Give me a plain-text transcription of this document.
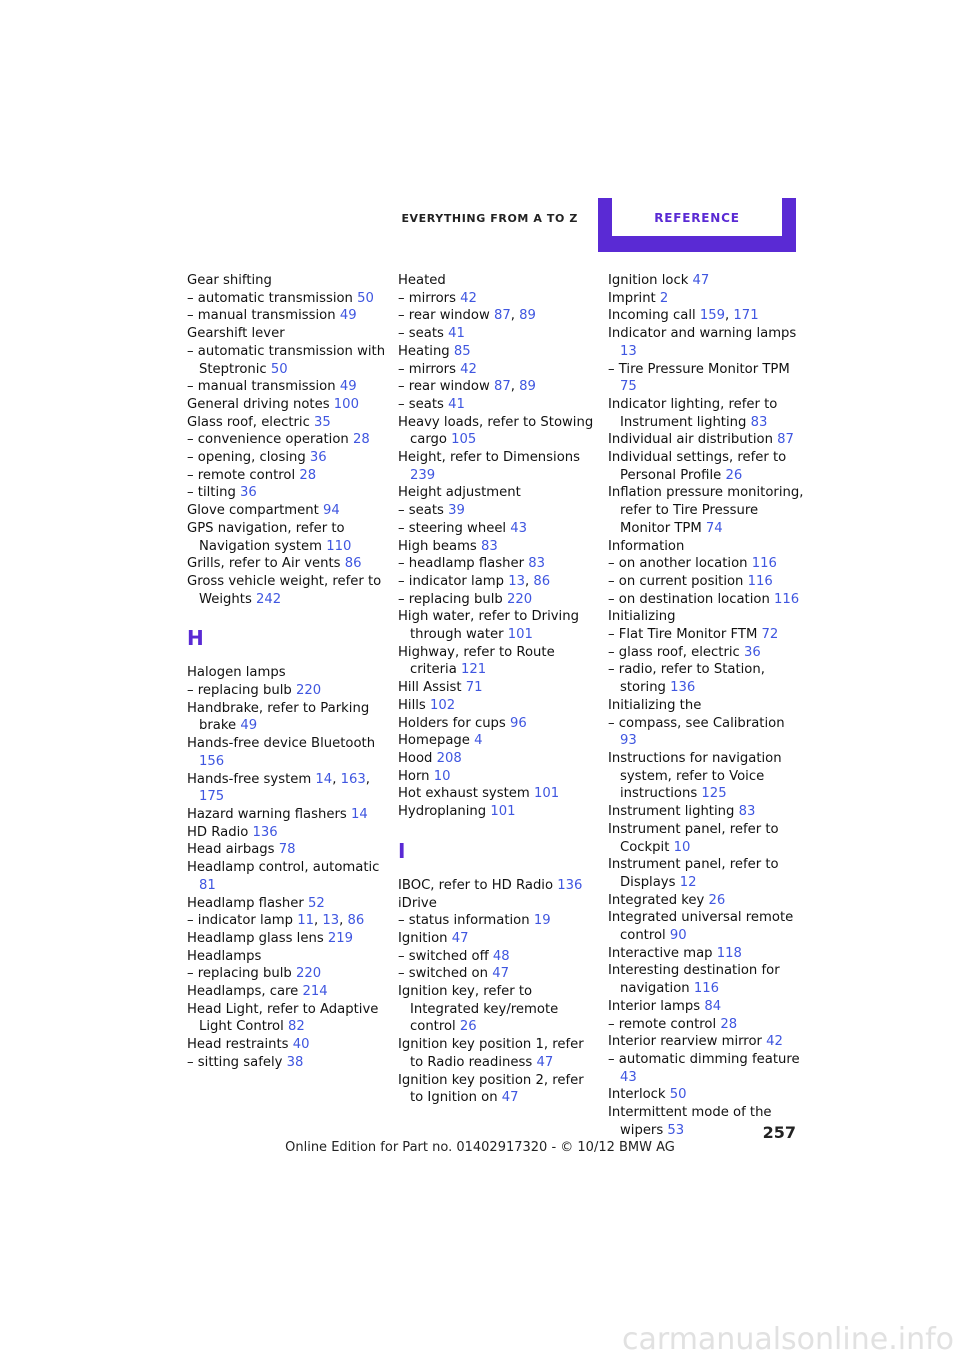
EVERYTHING FROM A TO Z	REFERENCE
Gear shifting
– automatic transmission 50
– manual transmission 49
Gearshift lever
– automatic transmission with Steptronic 50
– manual transmission 49
General driving notes 100
Glass roof, electric 35
– convenience operation 28
– opening, closing 36
– remote control 28
– tilting 36
Glove compartment 94
GPS navigation, refer to Navigation system 110
Grills, refer to Air vents 86
Gross vehicle weight, refer to Weights 242
H
Halogen lamps
– replacing bulb 220
Handbrake, refer to Parking brake 49
Hands-free device Bluetooth 156
Hands-free system 14, 163, 175
Hazard warning flashers 14
HD Radio 136
Head airbags 78
Headlamp control, automatic 81
Headlamp flasher 52
– indicator lamp 11, 13, 86
Headlamp glass lens 219
Headlamps
– replacing bulb 220
Headlamps, care 214
Head Light, refer to Adaptive Light Control 82
Head restraints 40
– sitting safely 38
Heated
– mirrors 42
– rear window 87, 89
– seats 41
Heating 85
– mirrors 42
– rear window 87, 89
– seats 41
Heavy loads, refer to Stowing cargo 105
Height, refer to Dimensions 239
Height adjustment
– seats 39
– steering wheel 43
High beams 83
– headlamp flasher 83
– indicator lamp 13, 86
– replacing bulb 220
High water, refer to Driving through water 101
Highway, refer to Route criteria 121
Hill Assist 71
Hills 102
Holders for cups 96
Homepage 4
Hood 208
Horn 10
Hot exhaust system 101
Hydroplaning 101
I
IBOC, refer to HD Radio 136
iDrive
– status information 19
Ignition 47
– switched off 48
– switched on 47
Ignition key, refer to Integrated key/remote control 26
Ignition key position 1, refer to Radio readiness 47
Ignition key position 2, refer to Ignition on 47
Ignition lock 47
Imprint 2
Incoming call 159, 171
Indicator and warning lamps 13
– Tire Pressure Monitor TPM 75
Indicator lighting, refer to Instrument lighting 83
Individual air distribution 87
Individual settings, refer to Personal Profile 26
Inflation pressure monitoring, refer to Tire Pressure Monitor TPM 74
Information
– on another location 116
– on current position 116
– on destination location 116
Initializing
– Flat Tire Monitor FTM 72
– glass roof, electric 36
– radio, refer to Station, storing 136
Initializing the
– compass, see Calibration 93
Instructions for navigation system, refer to Voice instructions 125
Instrument lighting 83
Instrument panel, refer to Cockpit 10
Instrument panel, refer to Displays 12
Integrated key 26
Integrated universal remote control 90
Interactive map 118
Interesting destination for navigation 116
Interior lamps 84
– remote control 28
Interior rearview mirror 42
– automatic dimming feature 43
Interlock 50
Intermittent mode of the wipers 53	257
Online Edition for Part no. 01402917320 - © 10/12 BMW AG
carmanualsonline.info
